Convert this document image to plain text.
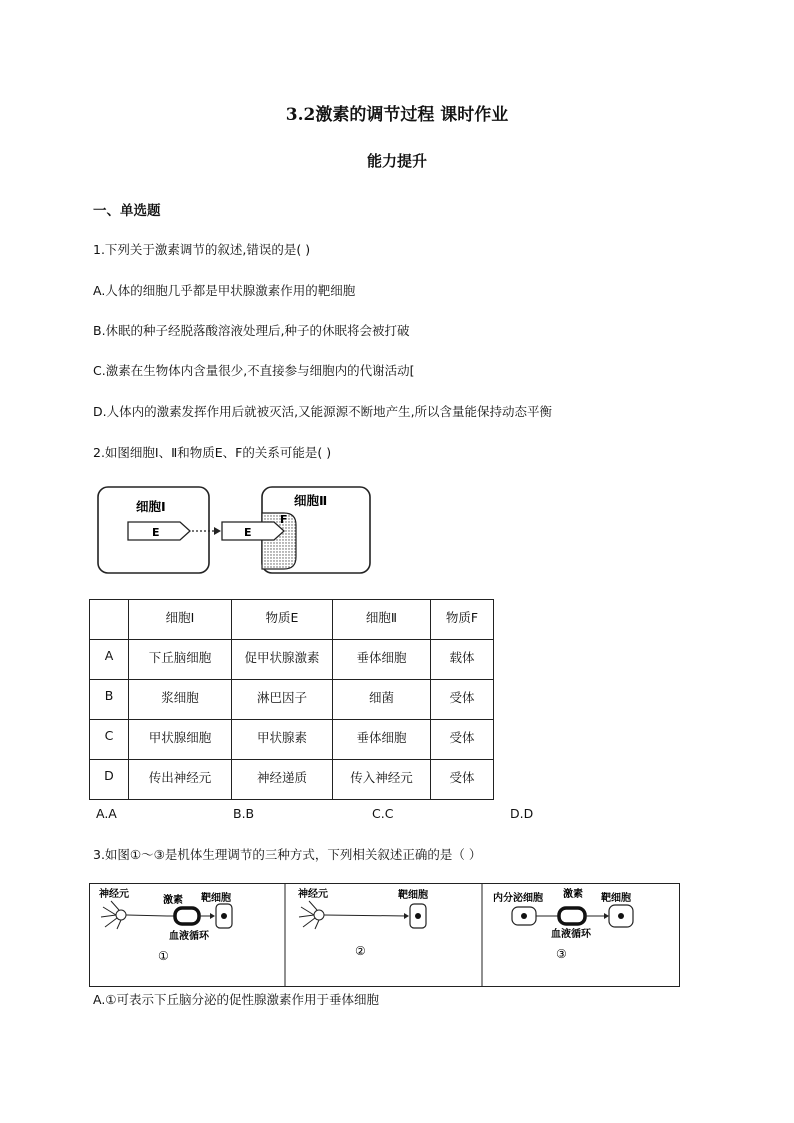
3.2激素的调节过程 课时作业
能力提升
一、单选题
1.下列关于激素调节的叙述,错误的是( )
A.人体的细胞几乎都是甲状腺激素作用的靶细胞
B.休眠的种子经脱落酸溶液处理后,种子的休眠将会被打破
C.激素在生物体内含量很少,不直接参与细胞内的代谢活动[
D.人体内的激素发挥作用后就被灭活,又能源源不断地产生,所以含量能保持动态平衡
2.如图细胞Ⅰ、Ⅱ和物质E、F的关系可能是( )
细胞Ⅰ
E
细胞Ⅱ
F
E
	细胞Ⅰ	物质E	细胞Ⅱ	物质F
A	下丘脑细胞	促甲状腺激素	垂体细胞	载体
B	浆细胞	淋巴因子	细菌	受体
C	甲状腺细胞	甲状腺素	垂体细胞	受体
D	传出神经元	神经递质	传入神经元	受体
A.A	B.B	C.C	D.D
3.如图①～③是机体生理调节的三种方式，下列相关叙述正确的是（ ）
神经元
激素 靶细胞
血液循环
①
神经元	靶细胞
②
内分泌细胞 激素 靶细胞
血液循环
③
A.①可表示下丘脑分泌的促性腺激素作用于垂体细胞
